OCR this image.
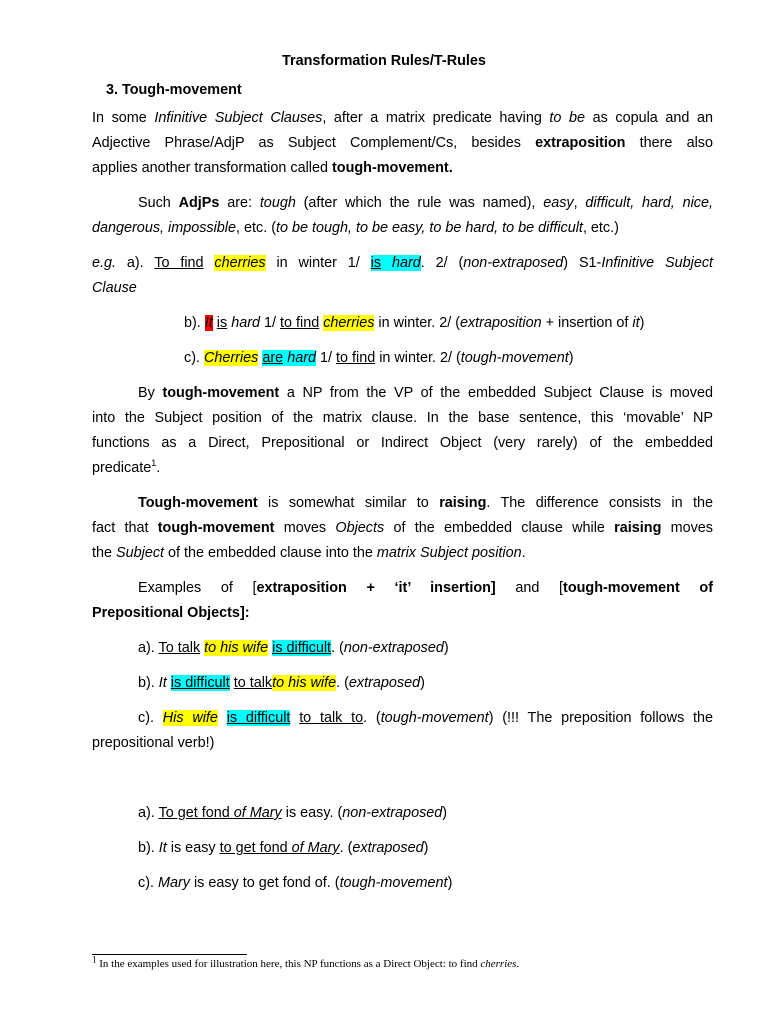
Transformation Rules/T-Rules
3. Tough-movement
In some Infinitive Subject Clauses, after a matrix predicate having to be as copula and an
Adjective Phrase/AdjP as Subject Complement/Cs, besides extraposition there also
applies another transformation called tough-movement.
Such AdjPs are: tough (after which the rule was named), easy, difficult, hard, nice,
dangerous, impossible, etc. (to be tough, to be easy, to be hard, to be difficult, etc.)
e.g. a). To find cherries in winter 1/ is hard. 2/ (non-extraposed) S1-Infinitive Subject
Clause
b). It is hard 1/ to find cherries in winter. 2/ (extraposition + insertion of it)
c). Cherries are hard 1/ to find in winter. 2/ (tough-movement)
By tough-movement a NP from the VP of the embedded Subject Clause is moved
into the Subject position of the matrix clause. In the base sentence, this ‘movable’ NP
functions as a Direct, Prepositional or Indirect Object (very rarely) of the embedded
predicate$^1$.
Tough-movement is somewhat similar to raising. The difference consists in the
fact that tough-movement moves Objects of the embedded clause while raising moves
the Subject of the embedded clause into the matrix Subject position.
Examples of [extraposition + ‘it’ insertion] and [tough-movement of
Prepositional Objects]:
a). To talk to his wife is difficult. (non-extraposed)
b). It is difficult to talkto his wife. (extraposed)
c). His wife is difficult to talk to. (tough-movement) (!!! The preposition follows the
prepositional verb!)
a). To get fond of Mary is easy. (non-extraposed)
b). It is easy to get fond of Mary. (extraposed)
c). Mary is easy to get fond of. (tough-movement)
$^1$ In the examples used for illustration here, this NP functions as a Direct Object: to find cherries.
